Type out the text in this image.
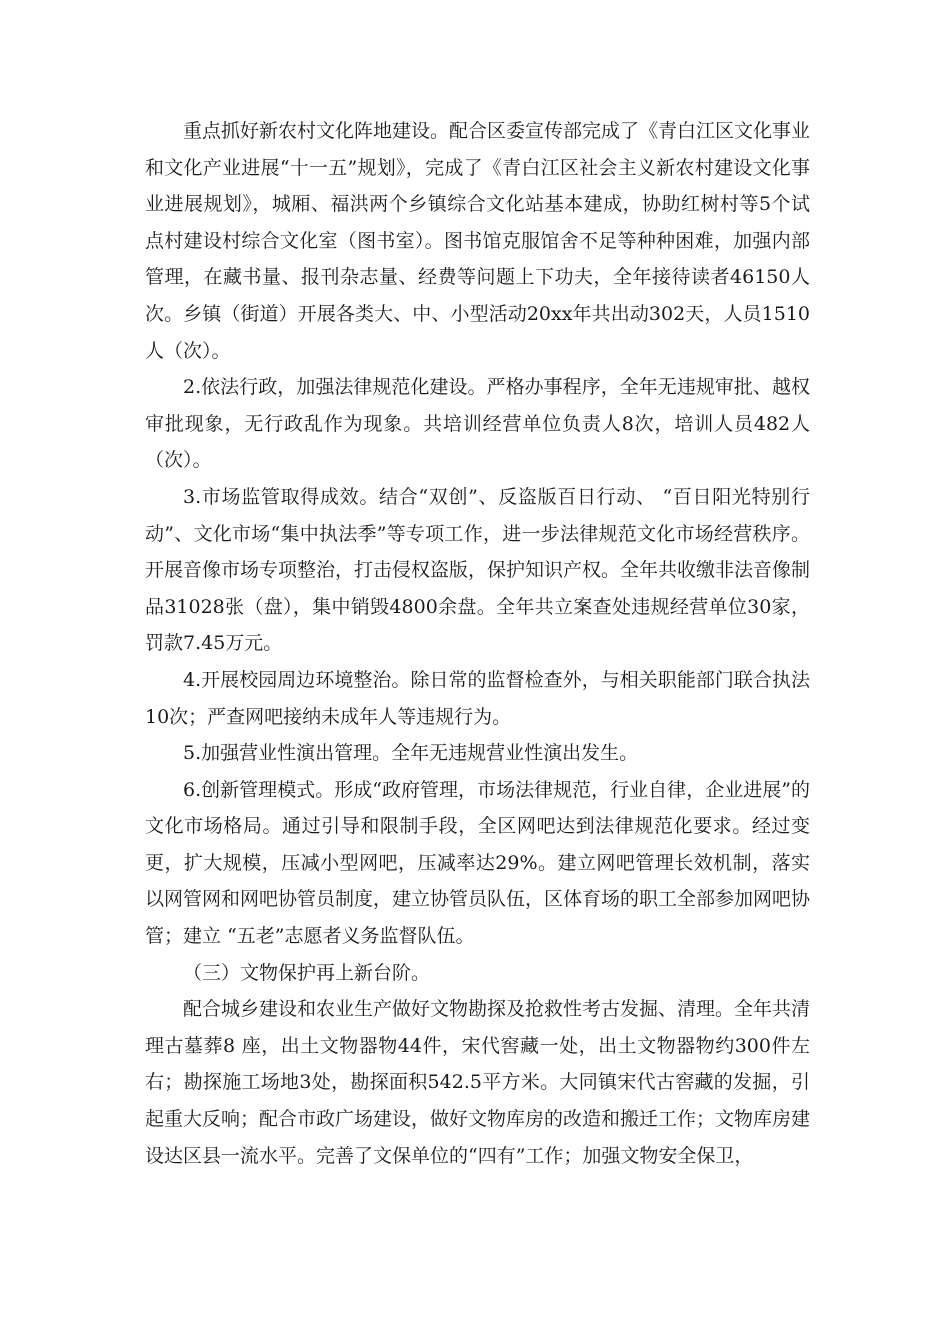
重点抓好新农村文化阵地建设。配合区委宣传部完成了《青白江区文化事业和文化产业进展“十一五”规划》，完成了《青白江区社会主义新农村建设文化事业进展规划》，城厢、福洪两个乡镇综合文化站基本建成，协助红树村等5个试点村建设村综合文化室（图书室）。图书馆克服馆舍不足等种种困难，加强内部管理，在藏书量、报刊杂志量、经费等问题上下功夫，全年接待读者46150人次。乡镇（街道）开展各类大、中、小型活动20xx年共出动302天，人员1510人（次）。

2.依法行政，加强法律规范化建设。严格办事程序，全年无违规审批、越权审批现象，无行政乱作为现象。共培训经营单位负责人8次，培训人员482人（次）。

3.市场监管取得成效。结合“双创”、反盗版百日行动、 “百日阳光特别行动”、文化市场“集中执法季”等专项工作，进一步法律规范文化市场经营秩序。开展音像市场专项整治，打击侵权盗版，保护知识产权。全年共收缴非法音像制品31028张（盘），集中销毁4800余盘。全年共立案查处违规经营单位30家，罚款7.45万元。

4.开展校园周边环境整治。除日常的监督检查外，与相关职能部门联合执法10次；严查网吧接纳未成年人等违规行为。

5.加强营业性演出管理。全年无违规营业性演出发生。

6.创新管理模式。形成“政府管理，市场法律规范，行业自律，企业进展”的文化市场格局。通过引导和限制手段，全区网吧达到法律规范化要求。经过变更，扩大规模，压减小型网吧，压减率达29%。建立网吧管理长效机制，落实以网管网和网吧协管员制度，建立协管员队伍，区体育场的职工全部参加网吧协管；建立 “五老”志愿者义务监督队伍。

（三）文物保护再上新台阶。

配合城乡建设和农业生产做好文物勘探及抢救性考古发掘、清理。全年共清理古墓葬8 座，出土文物器物44件，宋代窖藏一处，出土文物器物约300件左右；勘探施工场地3处，勘探面积542.5平方米。大同镇宋代古窖藏的发掘，引起重大反响；配合市政广场建设，做好文物库房的改造和搬迁工作；文物库房建设达区县一流水平。完善了文保单位的“四有”工作；加强文物安全保卫，
